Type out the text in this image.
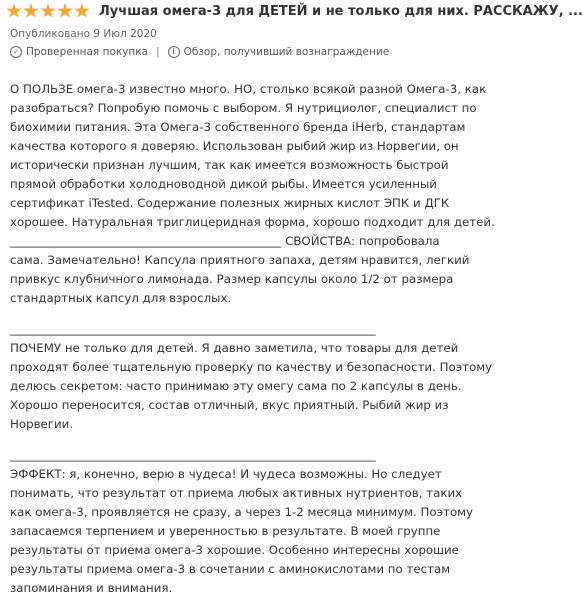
Лучшая омега-3 для ДЕТЕЙ и не только для них. РАССКАЖУ, ...
Опубликовано 9 Июл 2020
✓ Проверенная покупка |	i Обзор, получивший вознаграждение

О ПОЛЬЗЕ омега-3 известно много. НО, столько всякой разной Омега-3, как
разобраться? Попробую помочь с выбором. Я нутрициолог, специалист по
биохимии питания. Эта Омега-3 собственного бренда iHerb, стандартам
качества которого я доверяю. Использован рыбий жир из Норвегии, он
исторически признан лучшим, так как имеется возможность быстрой
прямой обработки холодноводной дикой рыбы. Имеется усиленный
сертификат iTested. Содержание полезных жирных кислот ЭПК и ДГК
хорошее. Натуральная триглицеридная форма, хорошо подходит для детей.
______________________________________________ СВОЙСТВА: попробовала
сама. Замечательно! Капсула приятного запаха, детям нравится, легкий
привкус клубничного лимонада. Размер капсулы около 1/2 от размера
стандартных капсул для взрослых.

______________________________________________________________

ПОЧЕМУ не только для детей. Я давно заметила, что товары для детей
проходят более тщательную проверку по качеству и безопасности. Поэтому
делюсь секретом: часто принимаю эту омегу сама по 2 капсулы в день.
Хорошо переносится, состав отличный, вкус приятный. Рыбий жир из
Норвегии.

______________________________________________________________

ЭФФЕКТ: я, конечно, верю в чудеса! И чудеса возможны. Но следует
понимать, что результат от приема любых активных нутриентов, таких
как омега-3, проявляется не сразу, а через 1-2 месяца минимум. Поэтому
запасаемся терпением и уверенностью в результате. В моей группе
результаты от приема омега-3 хорошие. Особенно интересны хорошие
результаты приема омега-3 в сочетании с аминокислотами по тестам
запоминания и внимания.
